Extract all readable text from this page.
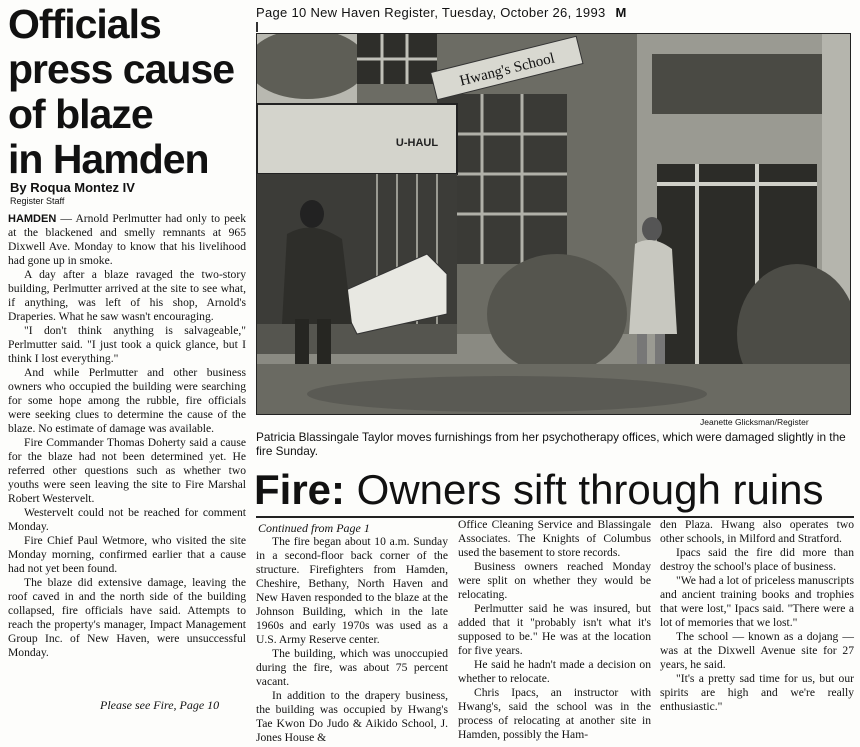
Officials
press cause
of blaze
in Hamden
By Roqua Montez IV
Register Staff

HAMDEN — Arnold Perlmutter had only to peek at the blackened and smelly remnants at 965 Dixwell Ave. Monday to know that his livelihood had gone up in smoke.

A day after a blaze ravaged the two-story building, Perlmutter arrived at the site to see what, if anything, was left of his shop, Arnold's Draperies. What he saw wasn't encouraging.

"I don't think anything is salvageable," Perlmutter said. "I just took a quick glance, but I think I lost everything."

And while Perlmutter and other business owners who occupied the building were searching for some hope among the rubble, fire officials were seeking clues to determine the cause of the blaze. No estimate of damage was available.

Fire Commander Thomas Doherty said a cause for the blaze had not been determined yet. He referred other questions such as whether two youths were seen leaving the site to Fire Marshal Robert Westervelt.

Westervelt could not be reached for comment Monday.

Fire Chief Paul Wetmore, who visited the site Monday morning, confirmed earlier that a cause had not yet been found.

The blaze did extensive damage, leaving the roof caved in and the north side of the building collapsed, fire officials have said. Attempts to reach the property's manager, Impact Management Group Inc. of New Haven, were unsuccessful Monday.

Please see Fire, Page 10
Page 10 New Haven Register, Tuesday, October 26, 1993 M
Hwang's School
U-HAUL
Jeanette Glicksman/Register
Patricia Blassingale Taylor moves furnishings from her psychotherapy offices, which were damaged slightly in the fire Sunday.
Fire: Owners sift through ruins
Continued from Page 1

The fire began about 10 a.m. Sunday in a second-floor back corner of the structure. Firefighters from Hamden, Cheshire, Bethany, North Haven and New Haven responded to the blaze at the Johnson Building, which in the late 1960s and early 1970s was used as a U.S. Army Reserve center.

The building, which was unoccupied during the fire, was about 75 percent vacant.

In addition to the drapery business, the building was occupied by Hwang's Tae Kwon Do Judo & Aikido School, J. Jones House &

Office Cleaning Service and Blassingale Associates. The Knights of Columbus used the basement to store records.

Business owners reached Monday were split on whether they would be relocating.

Perlmutter said he was insured, but added that it "probably isn't what it's supposed to be." He was at the location for five years.

He said he hadn't made a decision on whether to relocate.

Chris Ipacs, an instructor with Hwang's, said the school was in the process of relocating at another site in Hamden, possibly the Ham-

den Plaza. Hwang also operates two other schools, in Milford and Stratford.

Ipacs said the fire did more than destroy the school's place of business.

"We had a lot of priceless manuscripts and ancient training books and trophies that were lost," Ipacs said. "There were a lot of memories that we lost."

The school — known as a dojang — was at the Dixwell Avenue site for 27 years, he said.

"It's a pretty sad time for us, but our spirits are high and we're really enthusiastic."
